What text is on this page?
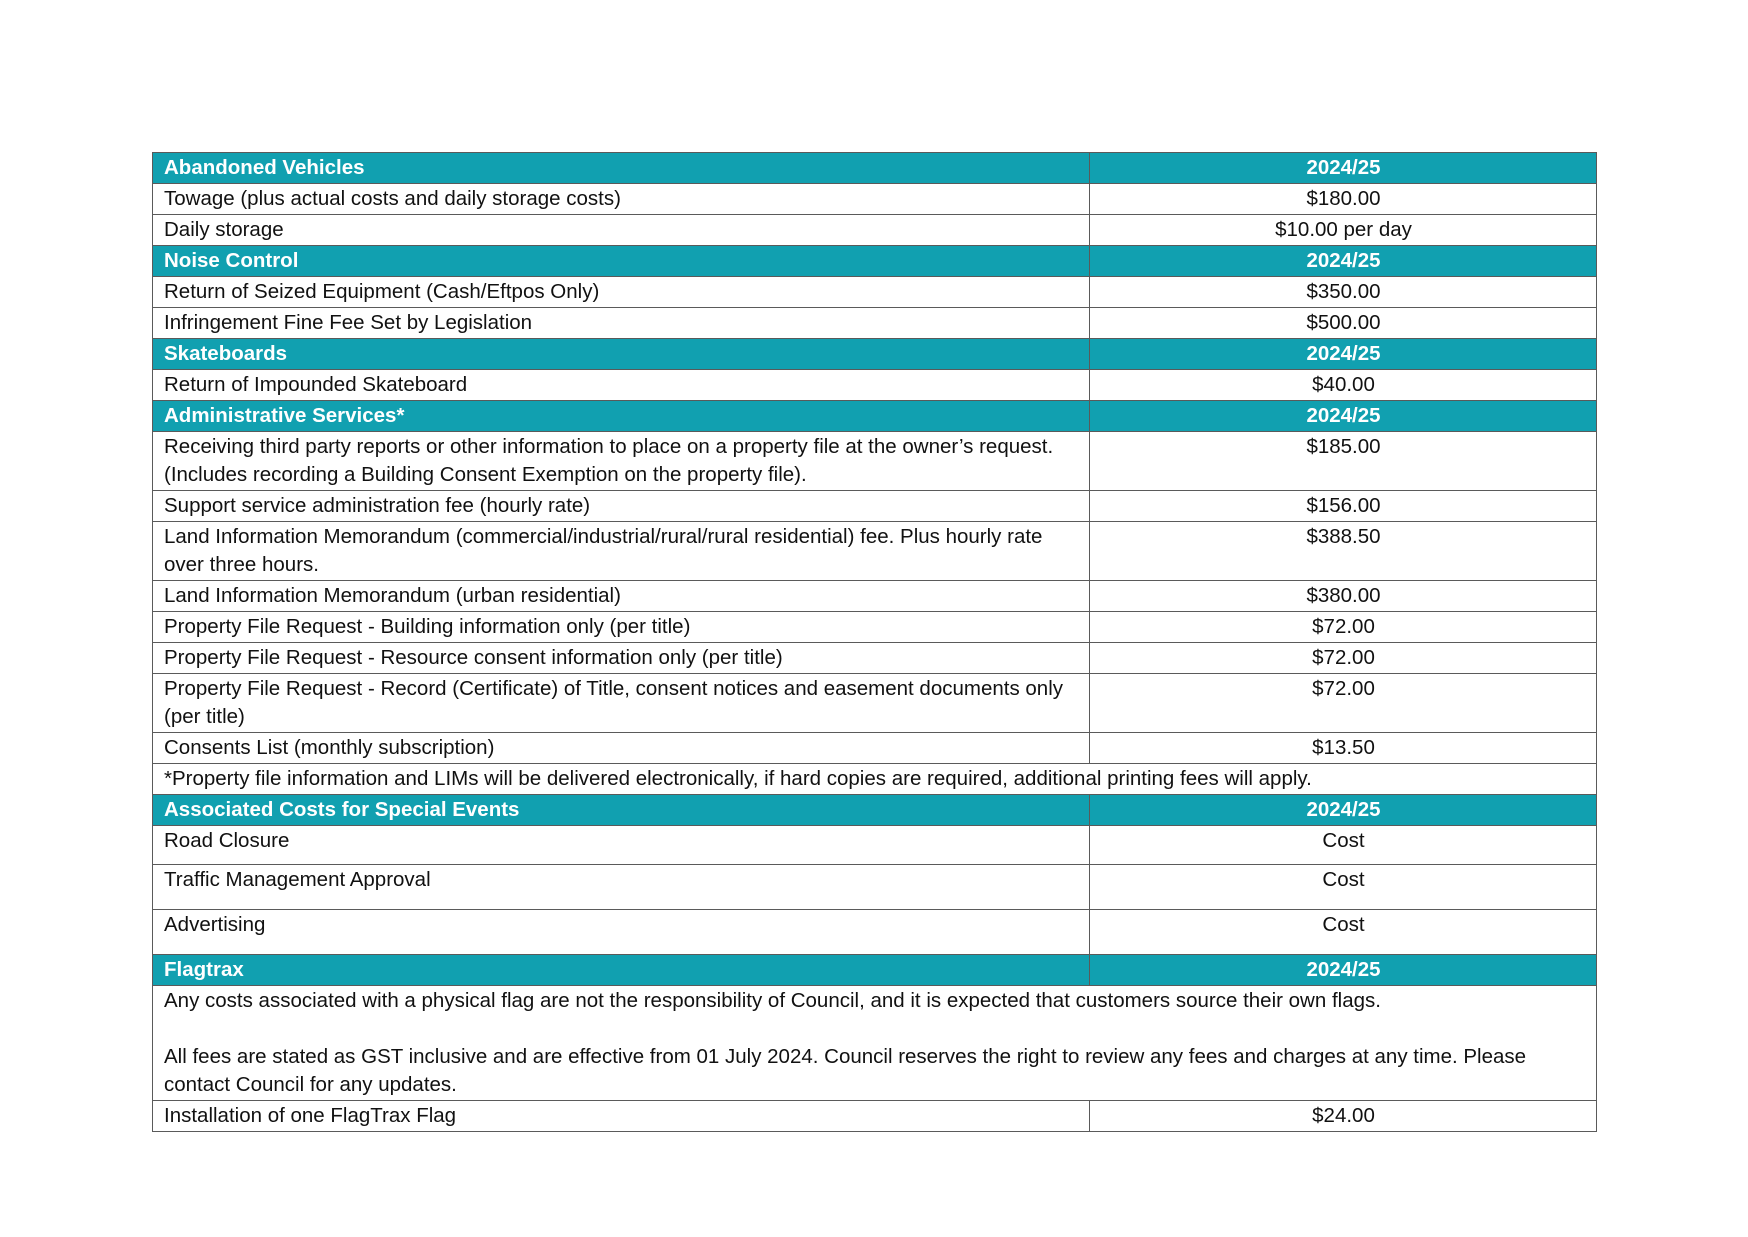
Abandoned Vehicles	2024/25
Towage (plus actual costs and daily storage costs)	$180.00
Daily storage	$10.00 per day
Noise Control	2024/25
Return of Seized Equipment (Cash/Eftpos Only)	$350.00
Infringement Fine Fee Set by Legislation	$500.00
Skateboards	2024/25
Return of Impounded Skateboard	$40.00
Administrative Services*	2024/25
Receiving third party reports or other information to place on a property file at the owner’s request. (Includes recording a Building Consent Exemption on the property file).	$185.00
Support service administration fee (hourly rate)	$156.00
Land Information Memorandum (commercial/industrial/rural/rural residential) fee. Plus hourly rate over three hours.	$388.50
Land Information Memorandum (urban residential)	$380.00
Property File Request - Building information only (per title)	$72.00
Property File Request - Resource consent information only (per title)	$72.00
Property File Request - Record (Certificate) of Title, consent notices and easement documents only (per title)	$72.00
Consents List (monthly subscription)	$13.50
*Property file information and LIMs will be delivered electronically, if hard copies are required, additional printing fees will apply.	
Associated Costs for Special Events	2024/25
Road Closure	Cost
Traffic Management Approval	Cost
Advertising	Cost
Flagtrax	2024/25

Any costs associated with a physical flag are not the responsibility of Council, and it is expected that customers source their own flags.
All fees are stated as GST inclusive and are effective from 01 July 2024. Council reserves the right to review any fees and charges at any time. Please contact Council for any updates.	

Installation of one FlagTrax Flag	$24.00
